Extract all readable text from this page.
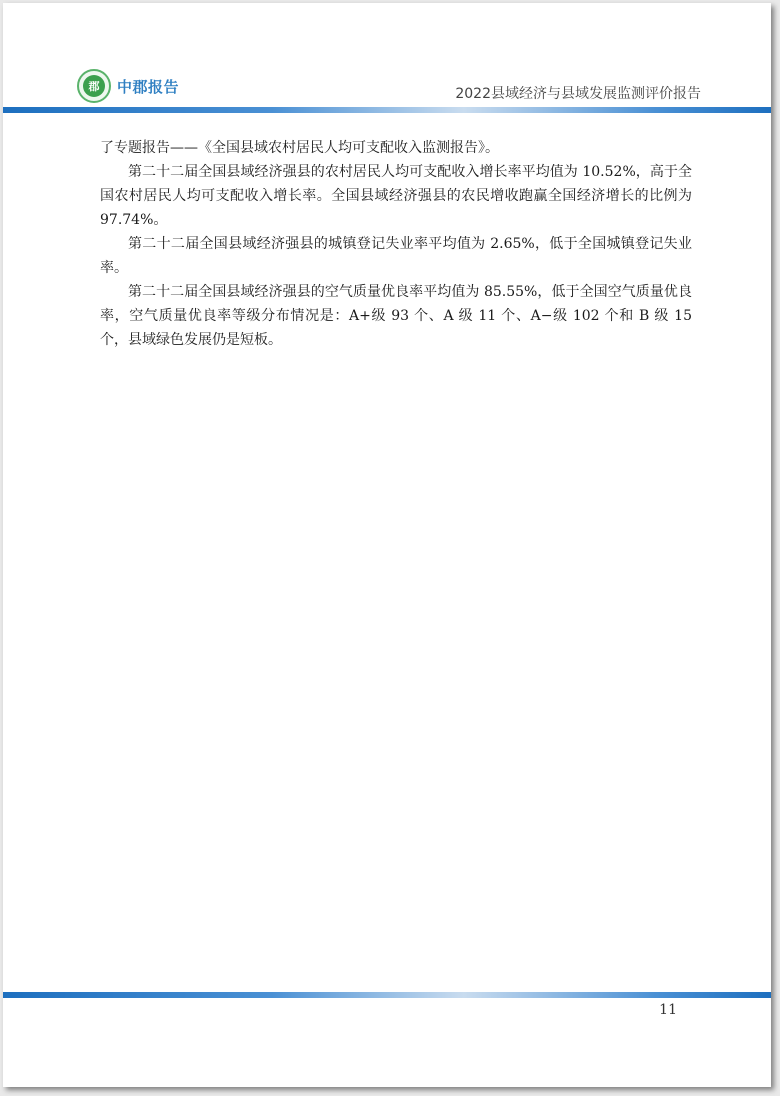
郡	中郡报告	2022县域经济与县域发展监测评价报告

了专题报告——《全国县域农村居民人均可支配收入监测报告》。

第二十二届全国县域经济强县的农村居民人均可支配收入增长率平均值为 10.52%，高于全国农村居民人均可支配收入增长率。全国县域经济强县的农民增收跑赢全国经济增长的比例为 97.74%。

第二十二届全国县域经济强县的城镇登记失业率平均值为 2.65%，低于全国城镇登记失业率。

第二十二届全国县域经济强县的空气质量优良率平均值为 85.55%，低于全国空气质量优良率，空气质量优良率等级分布情况是：A+级 93 个、A 级 11 个、A−级 102 个和 B 级 15 个，县域绿色发展仍是短板。

11
